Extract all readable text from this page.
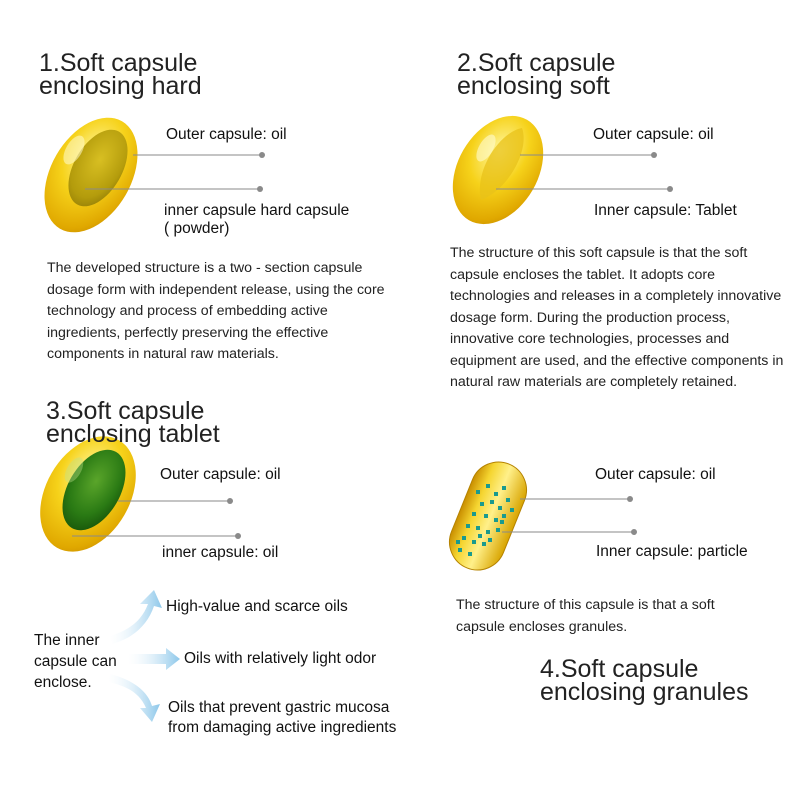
1.Soft capsule
enclosing hard
Outer capsule: oil
inner capsule hard capsule
( powder)
The developed structure is a two - section capsule dosage form with independent release, using the core technology and process of embedding active ingredients, perfectly preserving the effective components in natural raw materials.
2.Soft capsule
enclosing soft
Outer capsule: oil
Inner capsule: Tablet
The structure of this soft capsule is that the soft capsule encloses the tablet. It adopts core technologies and releases in a completely innovative dosage form. During the production process, innovative core technologies, processes and equipment are used, and the effective components in natural raw materials are completely retained.
3.Soft capsule
enclosing tablet
Outer capsule: oil
inner capsule: oil
The inner
capsule can
enclose.
High-value and scarce oils
Oils with relatively light odor
Oils that prevent gastric mucosa
from damaging active ingredients
Outer capsule: oil
Inner capsule: particle
The structure of this capsule is that a soft capsule encloses granules.
4.Soft capsule
enclosing granules
